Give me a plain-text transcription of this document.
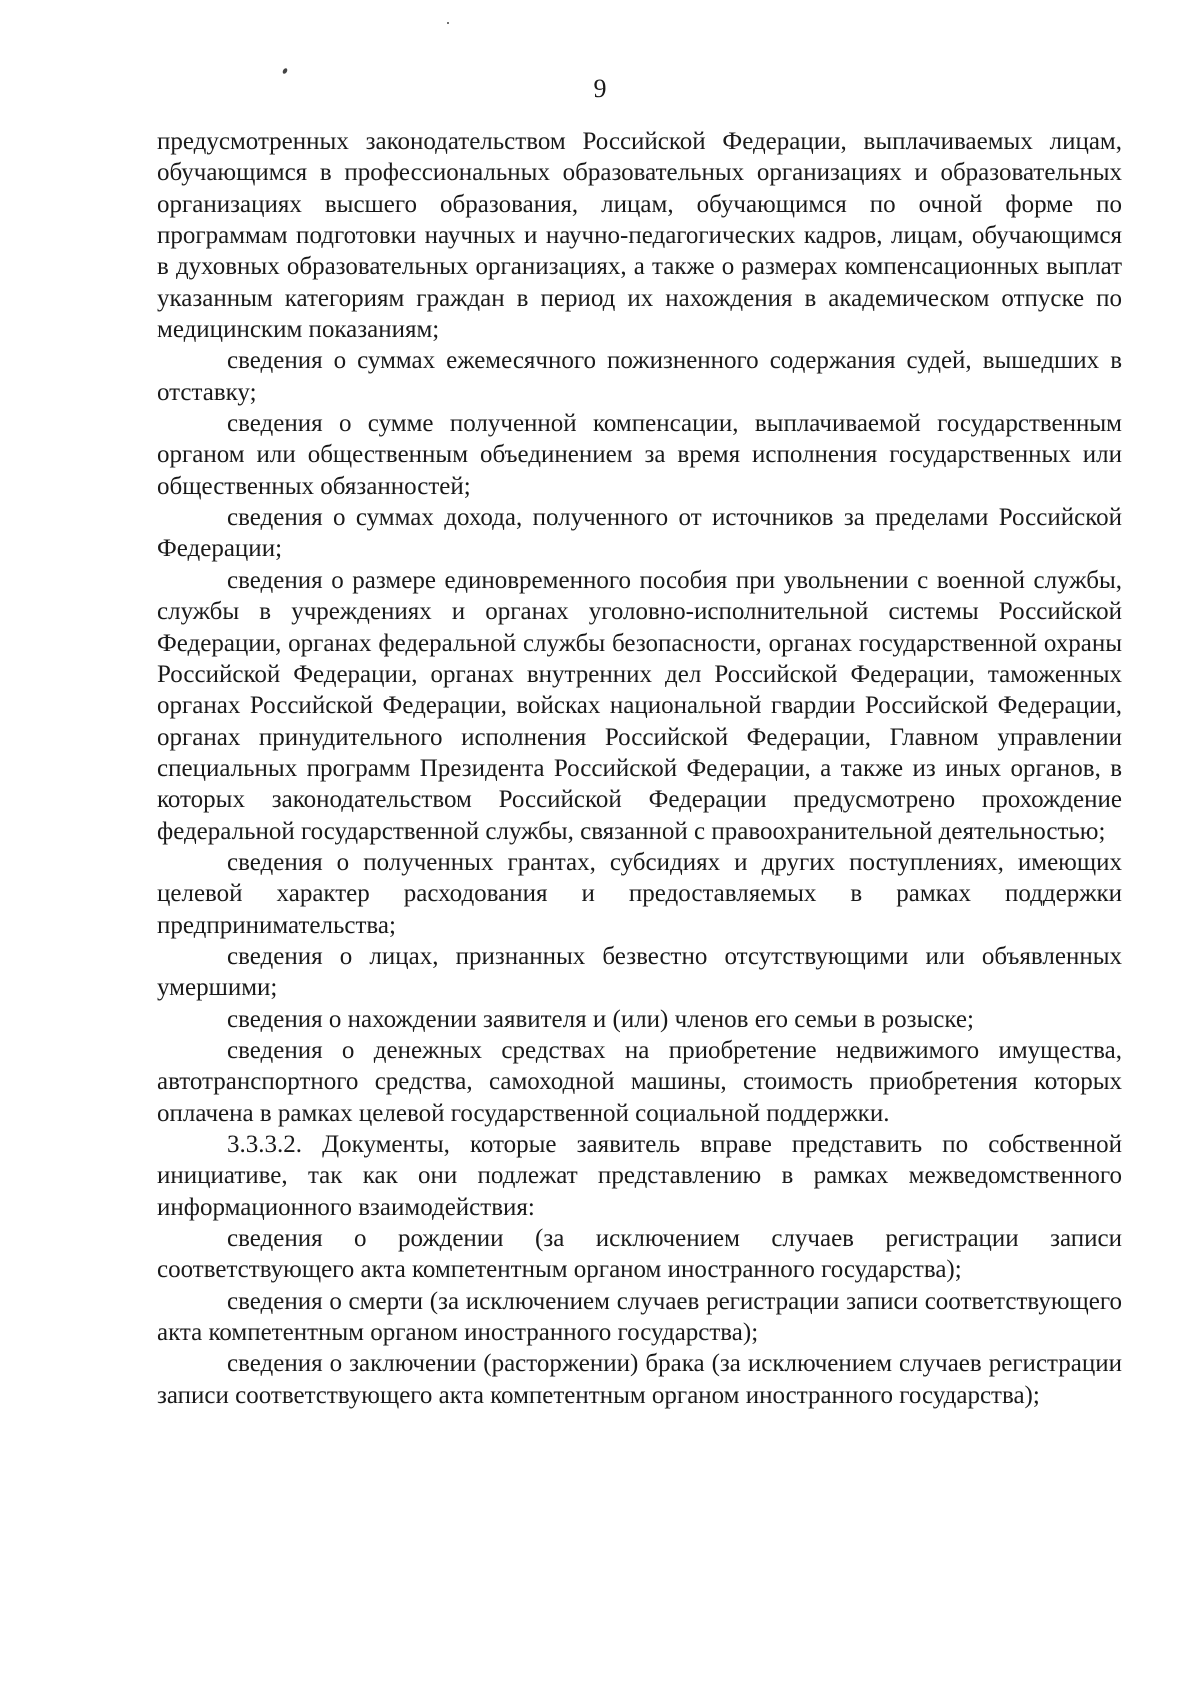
9

предусмотренных законодательством Российской Федерации, выплачиваемых лицам, обучающимся в профессиональных образовательных организациях и образовательных организациях высшего образования, лицам, обучающимся по очной форме по программам подготовки научных и научно-педагогических кадров, лицам, обучающимся в духовных образовательных организациях, а также о размерах компенсационных выплат указанным категориям граждан в период их нахождения в академическом отпуске по медицинским показаниям;

сведения о суммах ежемесячного пожизненного содержания судей, вышедших в отставку;

сведения о сумме полученной компенсации, выплачиваемой государственным органом или общественным объединением за время исполнения государственных или общественных обязанностей;

сведения о суммах дохода, полученного от источников за пределами Российской Федерации;

сведения о размере единовременного пособия при увольнении с военной службы, службы в учреждениях и органах уголовно-исполнительной системы Российской Федерации, органах федеральной службы безопасности, органах государственной охраны Российской Федерации, органах внутренних дел Российской Федерации, таможенных органах Российской Федерации, войсках национальной гвардии Российской Федерации, органах принудительного исполнения Российской Федерации, Главном управлении специальных программ Президента Российской Федерации, а также из иных органов, в которых законодательством Российской Федерации предусмотрено прохождение федеральной государственной службы, связанной с правоохранительной деятельностью;

сведения о полученных грантах, субсидиях и других поступлениях, имеющих целевой характер расходования и предоставляемых в рамках поддержки предпринимательства;

сведения о лицах, признанных безвестно отсутствующими или объявленных умершими;

сведения о нахождении заявителя и (или) членов его семьи в розыске;

сведения о денежных средствах на приобретение недвижимого имущества, автотранспортного средства, самоходной машины, стоимость приобретения которых оплачена в рамках целевой государственной социальной поддержки.

3.3.3.2. Документы, которые заявитель вправе представить по собственной инициативе, так как они подлежат представлению в рамках межведомственного информационного взаимодействия:

сведения о рождении (за исключением случаев регистрации записи соответствующего акта компетентным органом иностранного государства);

сведения о смерти (за исключением случаев регистрации записи соответствующего акта компетентным органом иностранного государства);

сведения о заключении (расторжении) брака (за исключением случаев регистрации записи соответствующего акта компетентным органом иностранного государства);
